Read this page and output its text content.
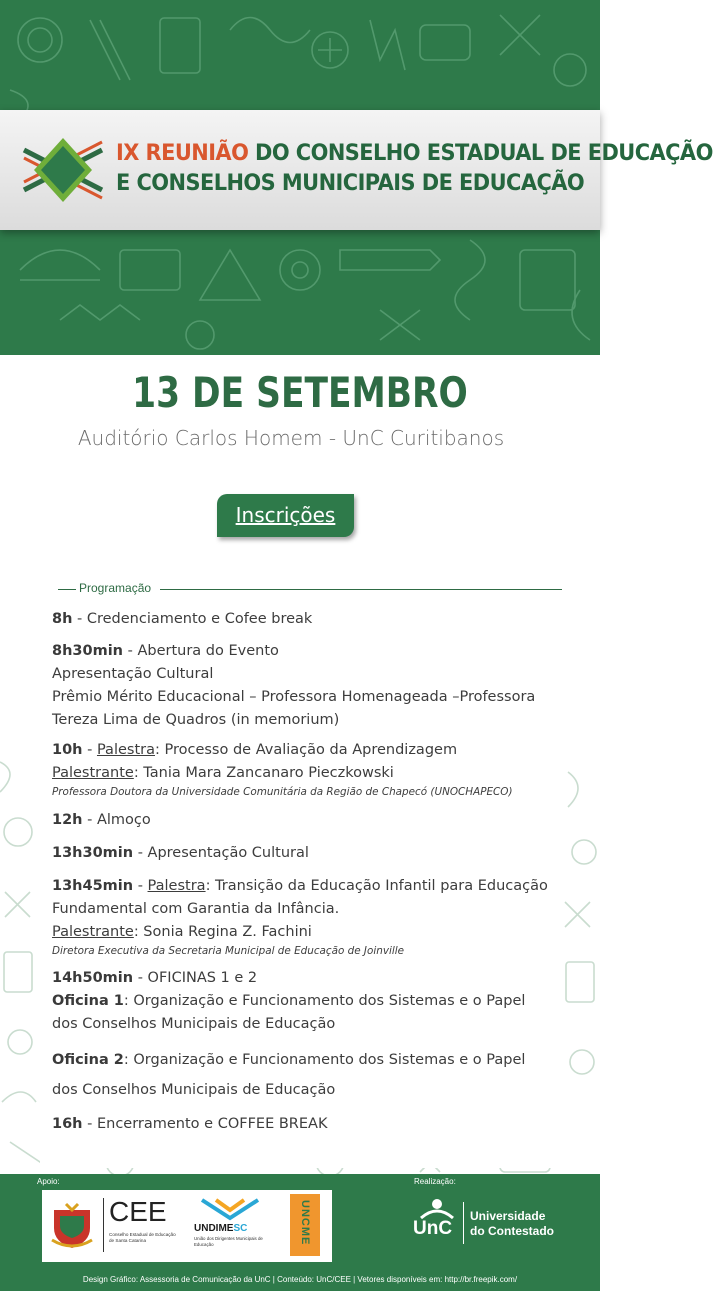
IX REUNIÃO DO CONSELHO ESTADUAL DE EDUCAÇÃO
E CONSELHOS MUNICIPAIS DE EDUCAÇÃO
13 DE SETEMBRO
Auditório Carlos Homem - UnC Curitibanos
Inscrições
Programação
8h - Credenciamento e Cofee break
8h30min - Abertura do Evento
Apresentação Cultural
Prêmio Mérito Educacional – Professora Homenageada –Professora Tereza Lima de Quadros (in memorium)
10h - Palestra: Processo de Avaliação da Aprendizagem
Palestrante: Tania Mara Zancanaro Pieczkowski
Professora Doutora da Universidade Comunitária da Região de Chapecó (UNOCHAPECO)
12h - Almoço
13h30min - Apresentação Cultural
13h45min - Palestra: Transição da Educação Infantil para Educação Fundamental com Garantia da Infância.
Palestrante: Sonia Regina Z. Fachini
Diretora Executiva da Secretaria Municipal de Educação de Joinville
14h50min - OFICINAS 1 e 2
Oficina 1: Organização e Funcionamento dos Sistemas e o Papel dos Conselhos Municipais de Educação
Oficina 2: Organização e Funcionamento dos Sistemas e o Papel dos Conselhos Municipais de Educação
16h - Encerramento e COFFEE BREAK
Apoio:	Realização:
CEE
Conselho Estadual de Educação de Santa Catarina
UNDIMESC
União dos Dirigentes Municipais de Educação	UNCME	UnC
Universidade
do Contestado
Design Gráfico: Assessoria de Comunicação da UnC | Conteúdo: UnC/CEE | Vetores disponíveis em: http://br.freepik.com/
